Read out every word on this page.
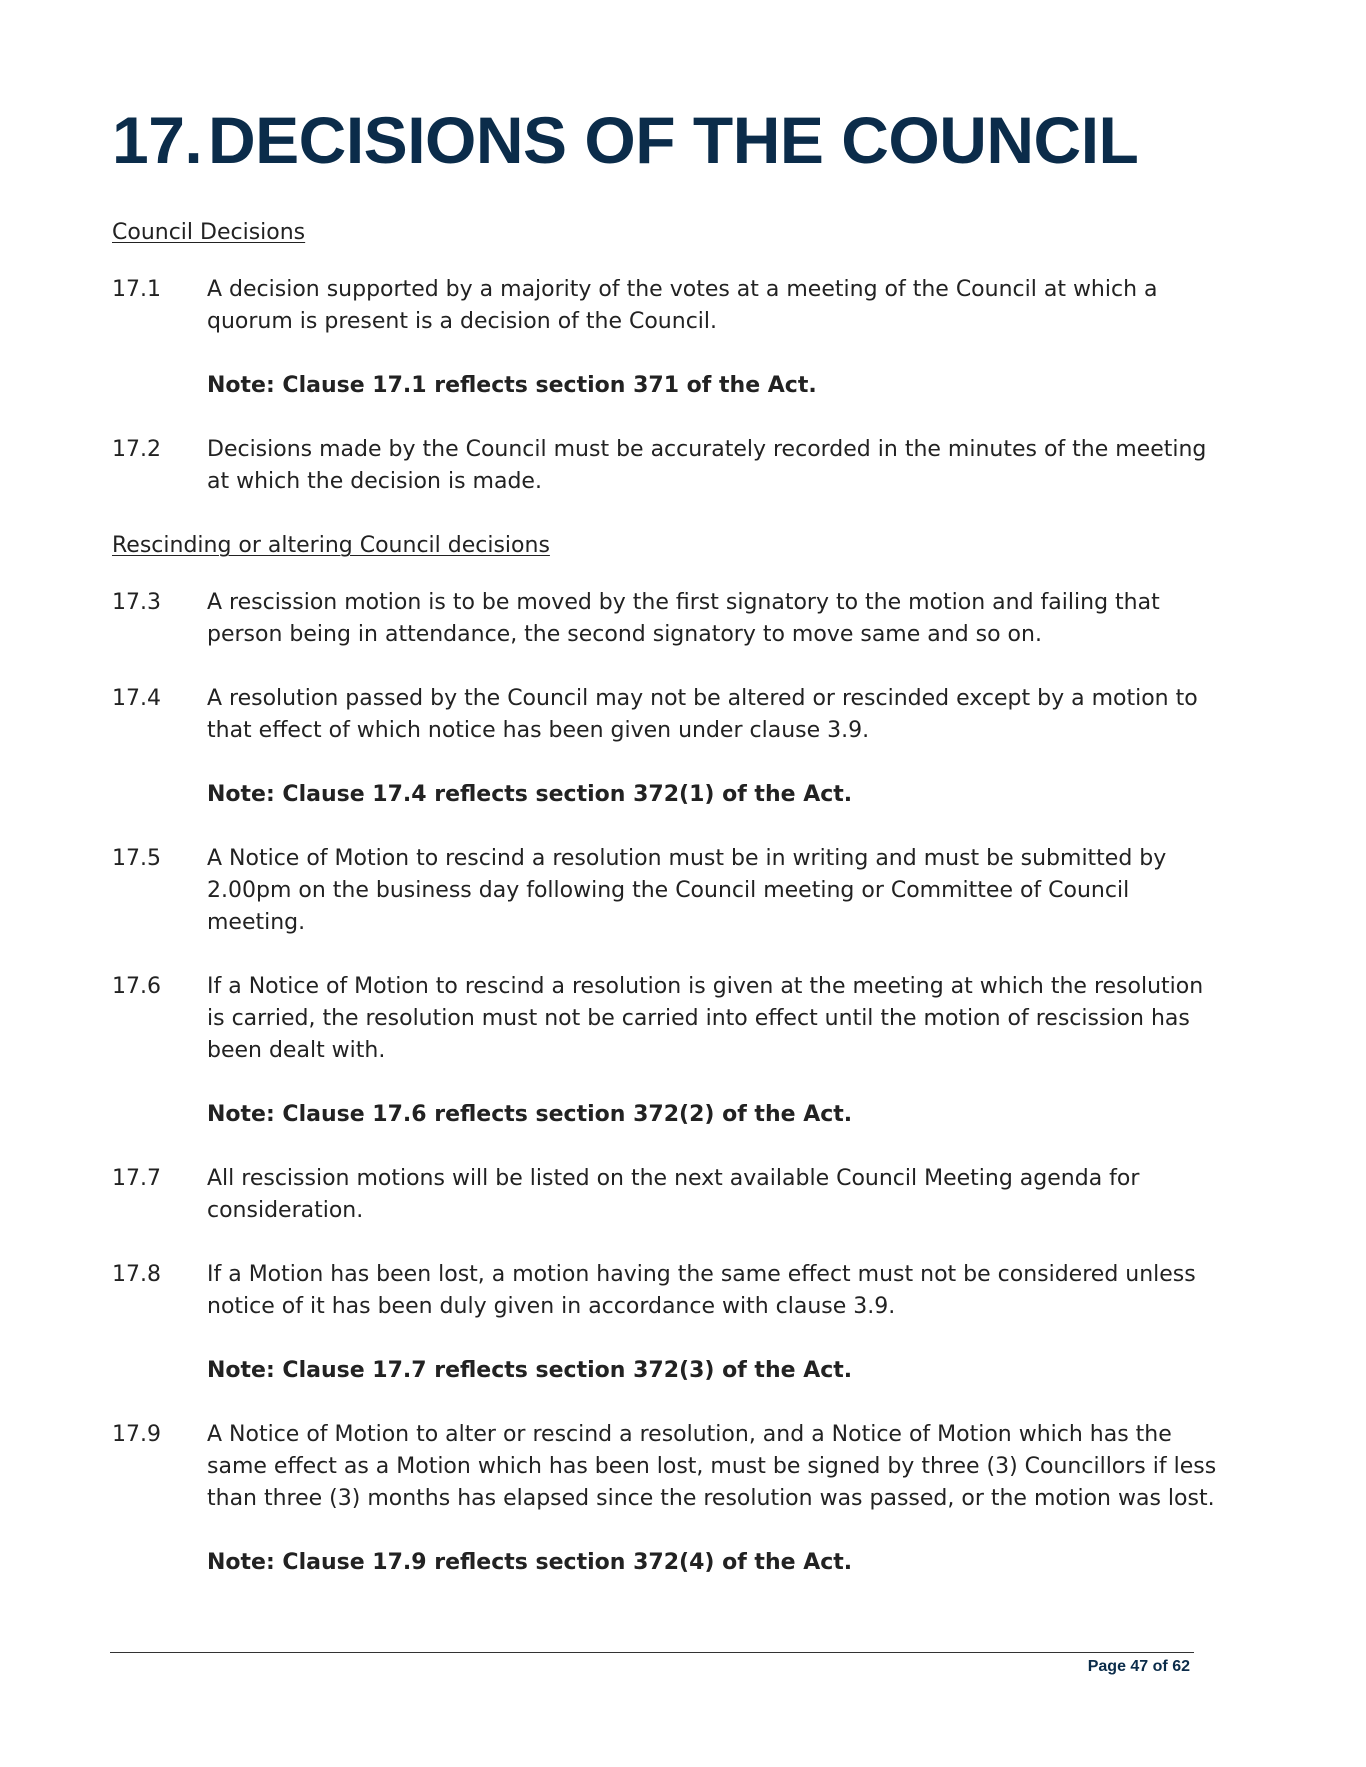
17.DECISIONS OF THE COUNCIL

Council Decisions

17.1	A decision supported by a majority of the votes at a meeting of the Council at which a quorum is present is a decision of the Council.

Note: Clause 17.1 reflects section 371 of the Act.

17.2	Decisions made by the Council must be accurately recorded in the minutes of the meeting at which the decision is made.

Rescinding or altering Council decisions

17.3	A rescission motion is to be moved by the first signatory to the motion and failing that person being in attendance, the second signatory to move same and so on.
17.4	A resolution passed by the Council may not be altered or rescinded except by a motion to that effect of which notice has been given under clause 3.9.

Note: Clause 17.4 reflects section 372(1) of the Act.

17.5	A Notice of Motion to rescind a resolution must be in writing and must be submitted by 2.00pm on the business day following the Council meeting or Committee of Council meeting.
17.6	If a Notice of Motion to rescind a resolution is given at the meeting at which the resolution is carried, the resolution must not be carried into effect until the motion of rescission has been dealt with.

Note: Clause 17.6 reflects section 372(2) of the Act.

17.7	All rescission motions will be listed on the next available Council Meeting agenda for consideration.
17.8	If a Motion has been lost, a motion having the same effect must not be considered unless notice of it has been duly given in accordance with clause 3.9.

Note: Clause 17.7 reflects section 372(3) of the Act.

17.9	A Notice of Motion to alter or rescind a resolution, and a Notice of Motion which has the same effect as a Motion which has been lost, must be signed by three (3) Councillors if less than three (3) months has elapsed since the resolution was passed, or the motion was lost.

Note: Clause 17.9 reflects section 372(4) of the Act.

Page 47 of 62
